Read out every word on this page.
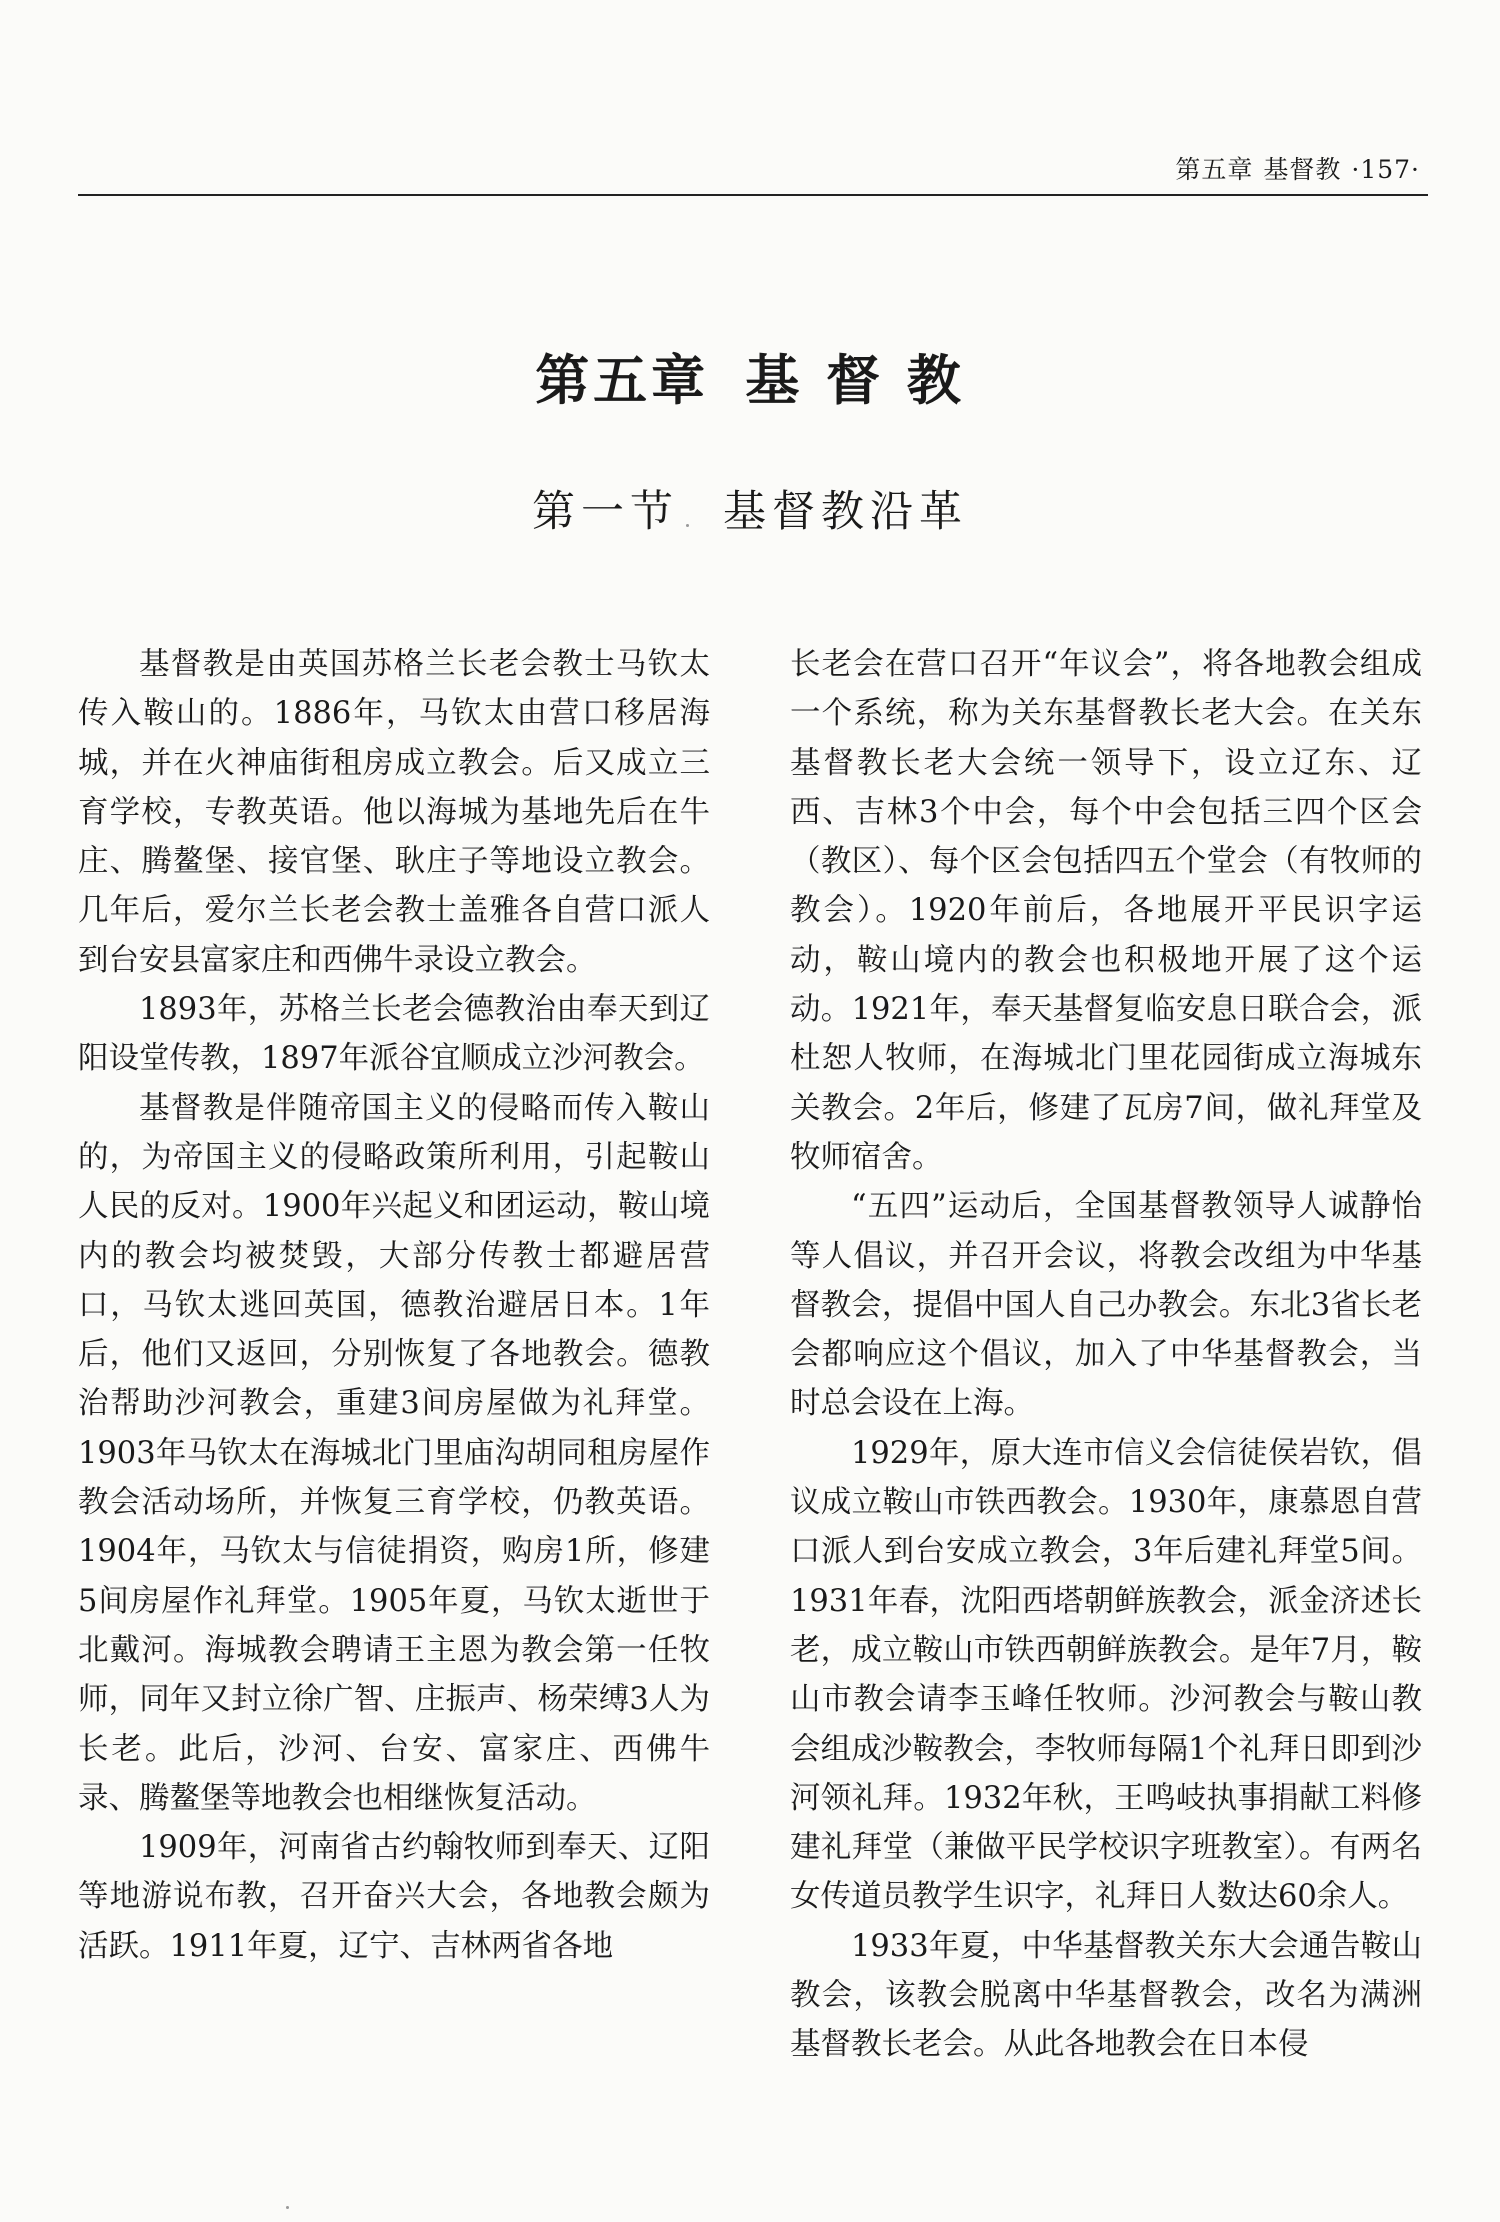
第五章 基督教 ·157·
第五章 基 督 教
第一节 基督教沿革

基督教是由英国苏格兰长老会教士马钦太传入鞍山的。1886年，马钦太由营口移居海城，并在火神庙街租房成立教会。后又成立三育学校，专教英语。他以海城为基地先后在牛庄、腾鳌堡、接官堡、耿庄子等地设立教会。几年后，爱尔兰长老会教士盖雅各自营口派人到台安县富家庄和西佛牛录设立教会。

1893年，苏格兰长老会德教治由奉天到辽阳设堂传教，1897年派谷宜顺成立沙河教会。

基督教是伴随帝国主义的侵略而传入鞍山的，为帝国主义的侵略政策所利用，引起鞍山人民的反对。1900年兴起义和团运动，鞍山境内的教会均被焚毁，大部分传教士都避居营口，马钦太逃回英国，德教治避居日本。1年后，他们又返回，分别恢复了各地教会。德教治帮助沙河教会，重建3间房屋做为礼拜堂。1903年马钦太在海城北门里庙沟胡同租房屋作教会活动场所，并恢复三育学校，仍教英语。1904年，马钦太与信徒捐资，购房1所，修建5间房屋作礼拜堂。1905年夏，马钦太逝世于北戴河。海城教会聘请王主恩为教会第一任牧师，同年又封立徐广智、庄振声、杨荣缚3人为长老。此后，沙河、台安、富家庄、西佛牛录、腾鳌堡等地教会也相继恢复活动。

1909年，河南省古约翰牧师到奉天、辽阳等地游说布教，召开奋兴大会，各地教会颇为活跃。1911年夏，辽宁、吉林两省各地

长老会在营口召开“年议会”，将各地教会组成一个系统，称为关东基督教长老大会。在关东基督教长老大会统一领导下，设立辽东、辽西、吉林3个中会，每个中会包括三四个区会（教区）、每个区会包括四五个堂会（有牧师的教会）。1920年前后，各地展开平民识字运动，鞍山境内的教会也积极地开展了这个运动。1921年，奉天基督复临安息日联合会，派杜恕人牧师，在海城北门里花园街成立海城东关教会。2年后，修建了瓦房7间，做礼拜堂及牧师宿舍。

“五四”运动后，全国基督教领导人诚静怡等人倡议，并召开会议，将教会改组为中华基督教会，提倡中国人自己办教会。东北3省长老会都响应这个倡议，加入了中华基督教会，当时总会设在上海。

1929年，原大连市信义会信徒侯岩钦，倡议成立鞍山市铁西教会。1930年，康慕恩自营口派人到台安成立教会，3年后建礼拜堂5间。1931年春，沈阳西塔朝鲜族教会，派金济述长老，成立鞍山市铁西朝鲜族教会。是年7月，鞍山市教会请李玉峰任牧师。沙河教会与鞍山教会组成沙鞍教会，李牧师每隔1个礼拜日即到沙河领礼拜。1932年秋，王鸣岐执事捐献工料修建礼拜堂（兼做平民学校识字班教室）。有两名女传道员教学生识字，礼拜日人数达60余人。

1933年夏，中华基督教关东大会通告鞍山教会，该教会脱离中华基督教会，改名为满洲基督教长老会。从此各地教会在日本侵
